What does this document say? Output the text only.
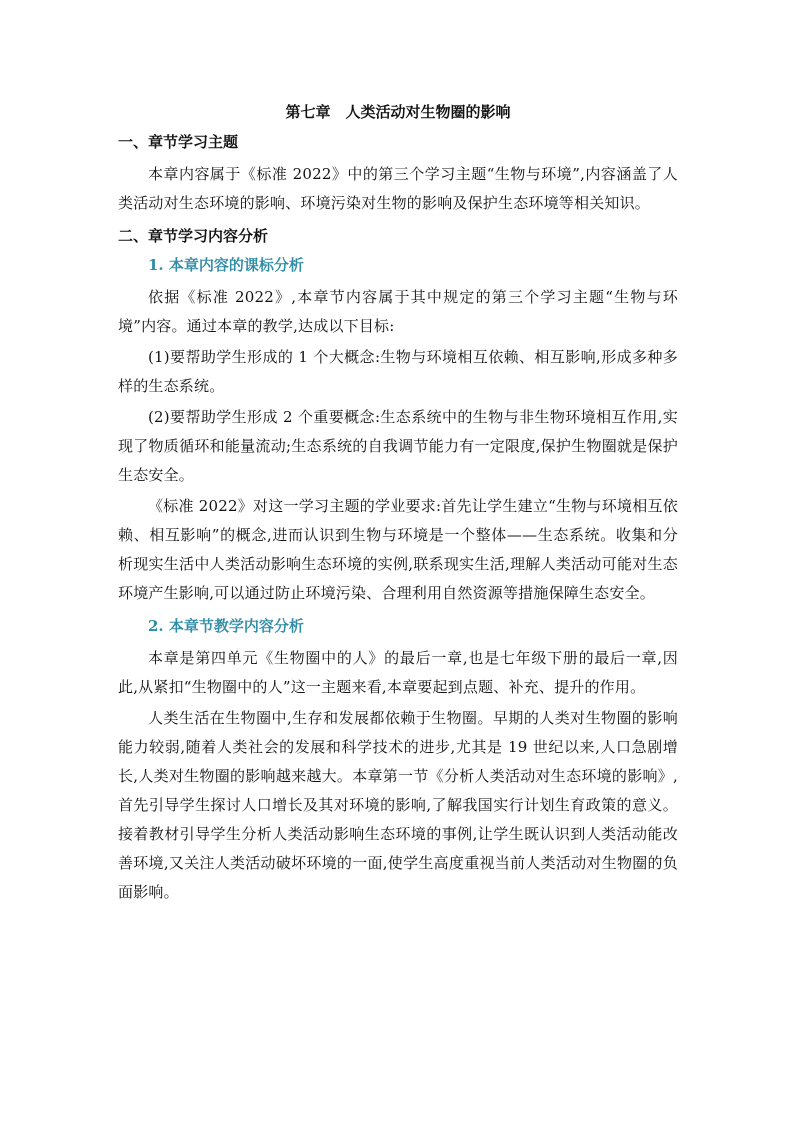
第七章　人类活动对生物圈的影响
一、章节学习主题

本章内容属于《标准 2022》中的第三个学习主题“生物与环境”,内容涵盖了人类活动对生态环境的影响、环境污染对生物的影响及保护生态环境等相关知识。

二、章节学习内容分析
1. 本章内容的课标分析

依据《标准 2022》,本章节内容属于其中规定的第三个学习主题“生物与环境”内容。通过本章的教学,达成以下目标:

(1)要帮助学生形成的 1 个大概念:生物与环境相互依赖、相互影响,形成多种多样的生态系统。

(2)要帮助学生形成 2 个重要概念:生态系统中的生物与非生物环境相互作用,实现了物质循环和能量流动;生态系统的自我调节能力有一定限度,保护生物圈就是保护生态安全。

《标准 2022》对这一学习主题的学业要求:首先让学生建立“生物与环境相互依赖、相互影响”的概念,进而认识到生物与环境是一个整体——生态系统。收集和分析现实生活中人类活动影响生态环境的实例,联系现实生活,理解人类活动可能对生态环境产生影响,可以通过防止环境污染、合理利用自然资源等措施保障生态安全。

2. 本章节教学内容分析

本章是第四单元《生物圈中的人》的最后一章,也是七年级下册的最后一章,因此,从紧扣“生物圈中的人”这一主题来看,本章要起到点题、补充、提升的作用。

人类生活在生物圈中,生存和发展都依赖于生物圈。早期的人类对生物圈的影响能力较弱,随着人类社会的发展和科学技术的进步,尤其是 19 世纪以来,人口急剧增长,人类对生物圈的影响越来越大。本章第一节《分析人类活动对生态环境的影响》,首先引导学生探讨人口增长及其对环境的影响,了解我国实行计划生育政策的意义。接着教材引导学生分析人类活动影响生态环境的事例,让学生既认识到人类活动能改善环境,又关注人类活动破坏环境的一面,使学生高度重视当前人类活动对生物圈的负面影响。
